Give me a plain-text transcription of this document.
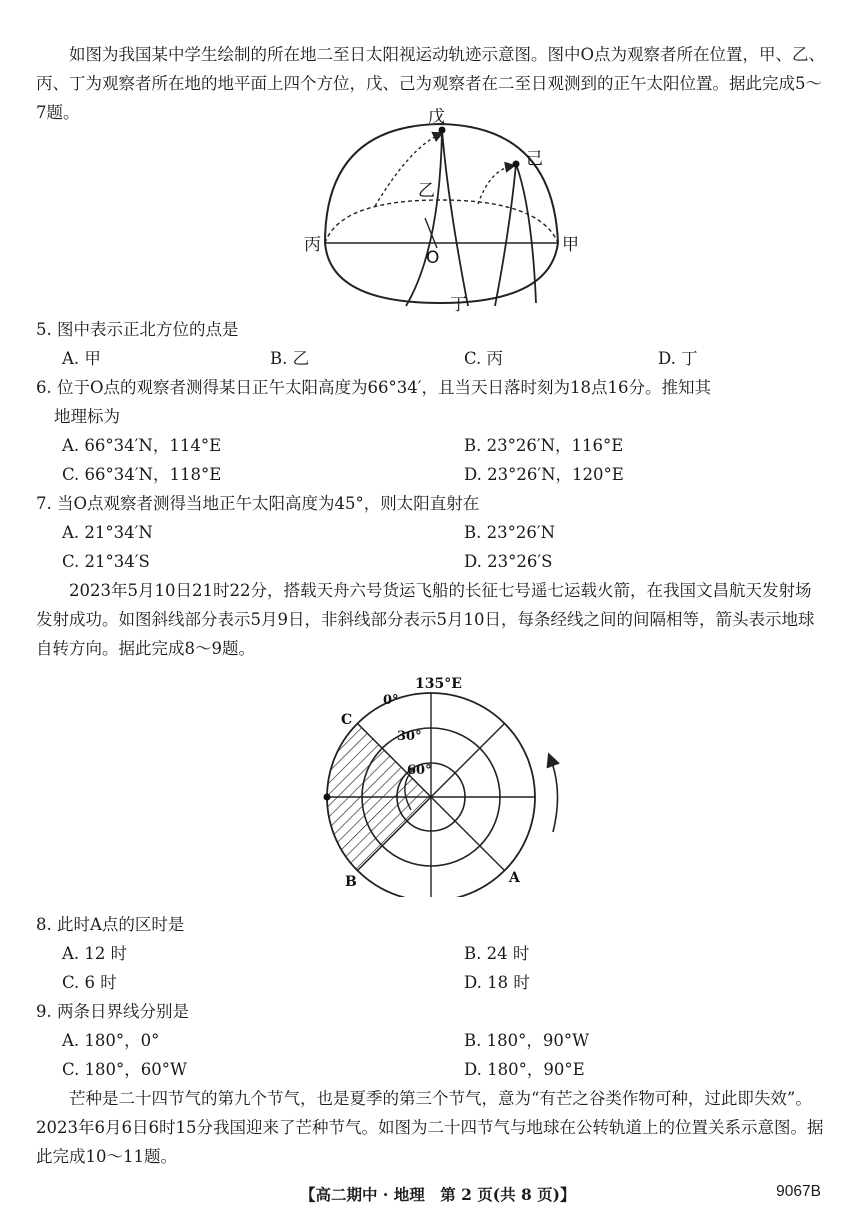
如图为我国某中学生绘制的所在地二至日太阳视运动轨迹示意图。图中O点为观察者所在位置，甲、乙、丙、丁为观察者所在地的地平面上四个方位，戊、己为观察者在二至日观测到的正午太阳位置。据此完成5～7题。	戊
己
乙
丙	甲
O
丁

5. 图中表示正北方位的点是

A. 甲	B. 乙	C. 丙	D. 丁

6. 位于O点的观察者测得某日正午太阳高度为66°34′，且当天日落时刻为18点16分。推知其
地理标为

A. 66°34′N，114°E	B. 23°26′N，116°E
C. 66°34′N，118°E	D. 23°26′N，120°E

7. 当O点观察者测得当地正午太阳高度为45°，则太阳直射在

A. 21°34′N	B. 23°26′N
C. 21°34′S	D. 23°26′S

2023年5月10日21时22分，搭载天舟六号货运飞船的长征七号遥七运载火箭，在我国文昌航天发射场发射成功。如图斜线部分表示5月9日，非斜线部分表示5月10日，每条经线之间的间隔相等，箭头表示地球自转方向。据此完成8～9题。

135°E
0°
30°
60°
C
B	A

8. 此时A点的区时是

A. 12 时	B. 24 时
C. 6 时	D. 18 时

9. 两条日界线分别是

A. 180°，0°	B. 180°，90°W
C. 180°，60°W	D. 180°，90°E

芒种是二十四节气的第九个节气，也是夏季的第三个节气，意为“有芒之谷类作物可种，过此即失效”。2023年6月6日6时15分我国迎来了芒种节气。如图为二十四节气与地球在公转轨道上的位置关系示意图。据此完成10～11题。

【高二期中 · 地理　第 2 页(共 8 页)】	9067B
